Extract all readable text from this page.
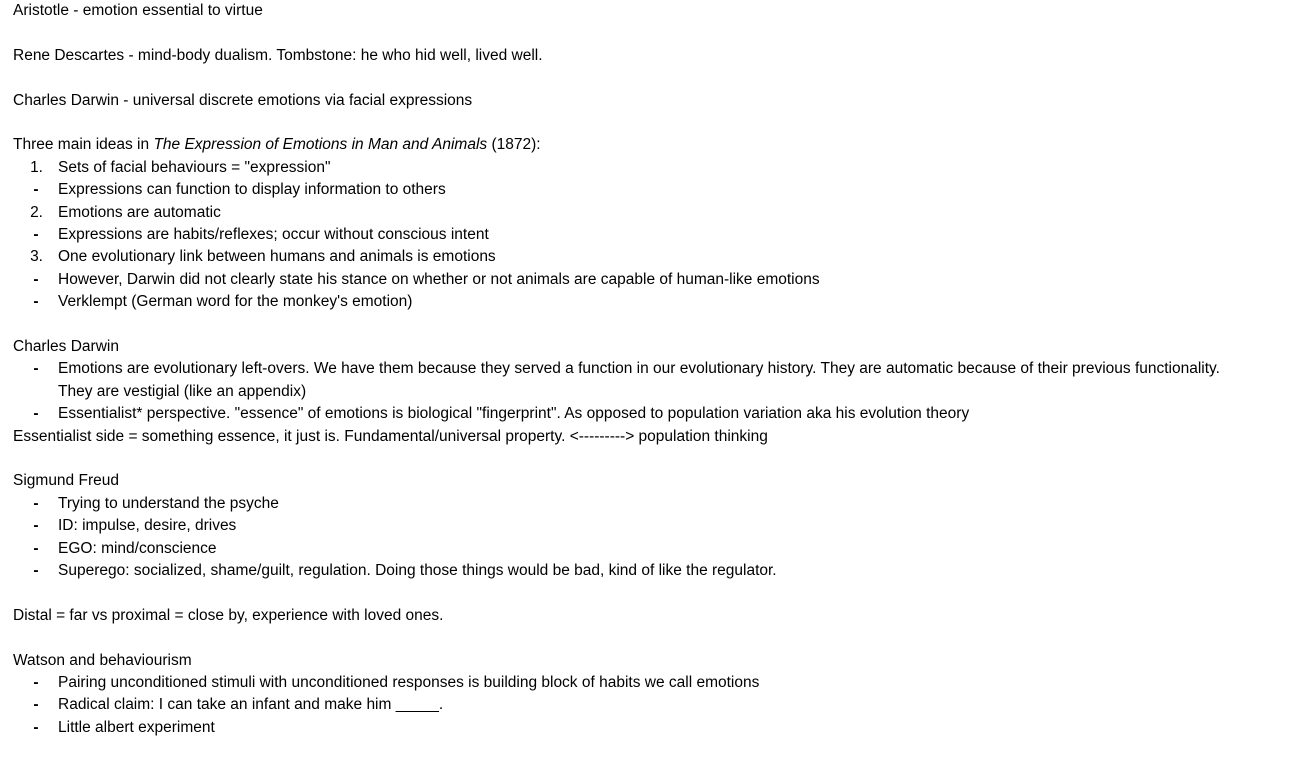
Aristotle - emotion essential to virtue
Rene Descartes - mind-body dualism. Tombstone: he who hid well, lived well.
Charles Darwin - universal discrete emotions via facial expressions
Three main ideas in The Expression of Emotions in Man and Animals (1872):
1. Sets of facial behaviours = "expression"
- Expressions can function to display information to others
2. Emotions are automatic
- Expressions are habits/reflexes; occur without conscious intent
3. One evolutionary link between humans and animals is emotions
- However, Darwin did not clearly state his stance on whether or not animals are capable of human-like emotions
- Verklempt (German word for the monkey's emotion)
Charles Darwin
- Emotions are evolutionary left-overs. We have them because they served a function in our evolutionary history. They are automatic because of their previous functionality. They are vestigial (like an appendix)
- Essentialist* perspective. "essence" of emotions is biological "fingerprint". As opposed to population variation aka his evolution theory
Essentialist side = something essence, it just is. Fundamental/universal property. <---------> population thinking
Sigmund Freud
- Trying to understand the psyche
- ID: impulse, desire, drives
- EGO: mind/conscience
- Superego: socialized, shame/guilt, regulation. Doing those things would be bad, kind of like the regulator.
Distal = far vs proximal = close by, experience with loved ones.
Watson and behaviourism
- Pairing unconditioned stimuli with unconditioned responses is building block of habits we call emotions
- Radical claim: I can take an infant and make him _____.
- Little albert experiment
